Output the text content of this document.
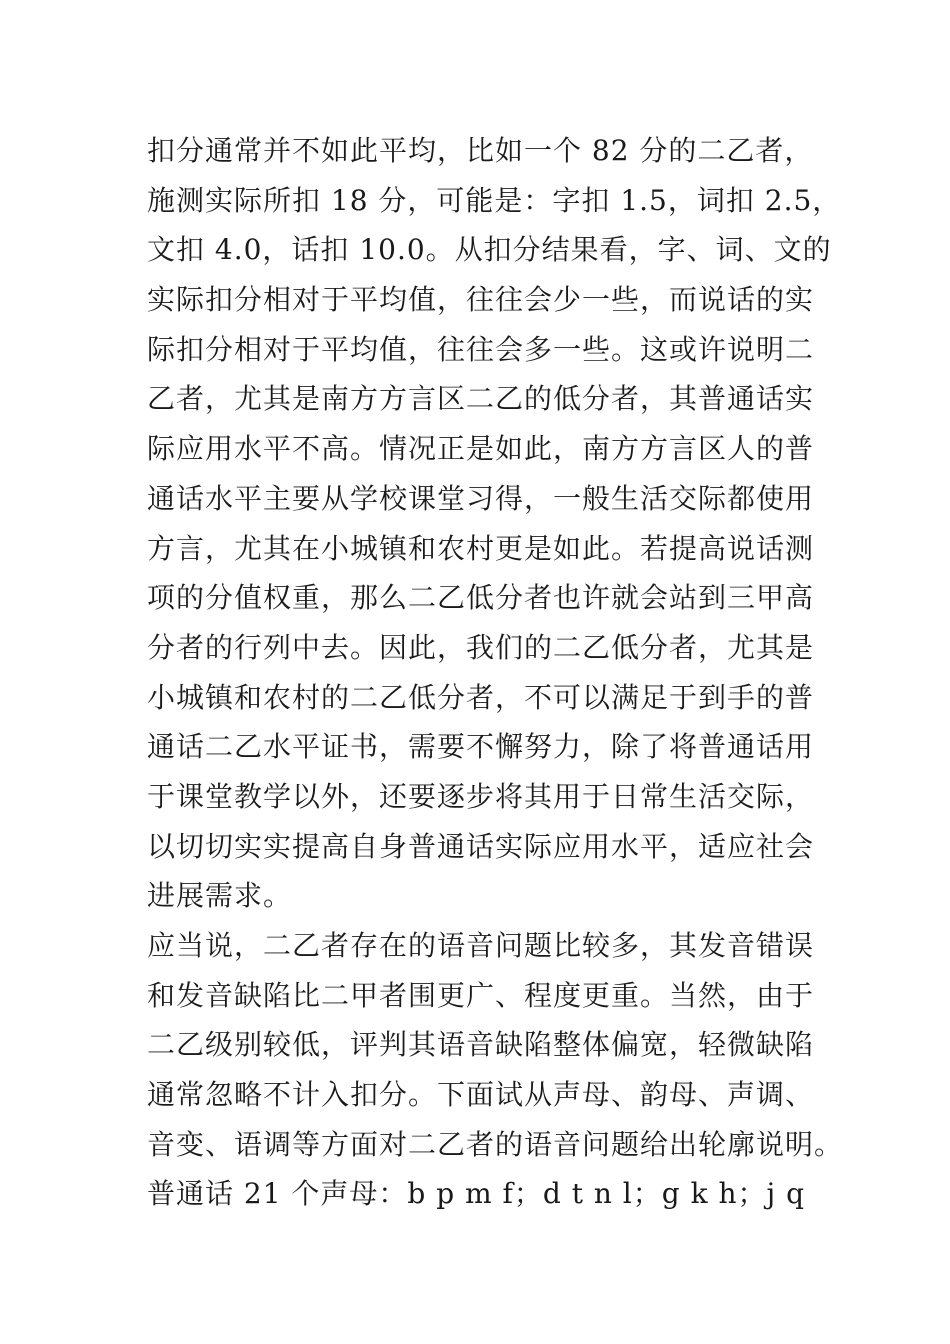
扣分通常并不如此平均，比如一个 82 分的二乙者，
施测实际所扣 18 分，可能是：字扣 1.5，词扣 2.5，
文扣 4.0，话扣 10.0。从扣分结果看，字、词、文的
实际扣分相对于平均值，往往会少一些，而说话的实
际扣分相对于平均值，往往会多一些。这或许说明二
乙者，尤其是南方方言区二乙的低分者，其普通话实
际应用水平不高。情况正是如此，南方方言区人的普
通话水平主要从学校课堂习得，一般生活交际都使用
方言，尤其在小城镇和农村更是如此。若提高说话测
项的分值权重，那么二乙低分者也许就会站到三甲高
分者的行列中去。因此，我们的二乙低分者，尤其是
小城镇和农村的二乙低分者，不可以满足于到手的普
通话二乙水平证书，需要不懈努力，除了将普通话用
于课堂教学以外，还要逐步将其用于日常生活交际，
以切切实实提高自身普通话实际应用水平，适应社会
进展需求。
应当说，二乙者存在的语音问题比较多，其发音错误
和发音缺陷比二甲者围更广、程度更重。当然，由于
二乙级别较低，评判其语音缺陷整体偏宽，轻微缺陷
通常忽略不计入扣分。下面试从声母、韵母、声调、
音变、语调等方面对二乙者的语音问题给出轮廓说明。
普通话 21 个声母：b p m f；d t n l；g k h；j q
